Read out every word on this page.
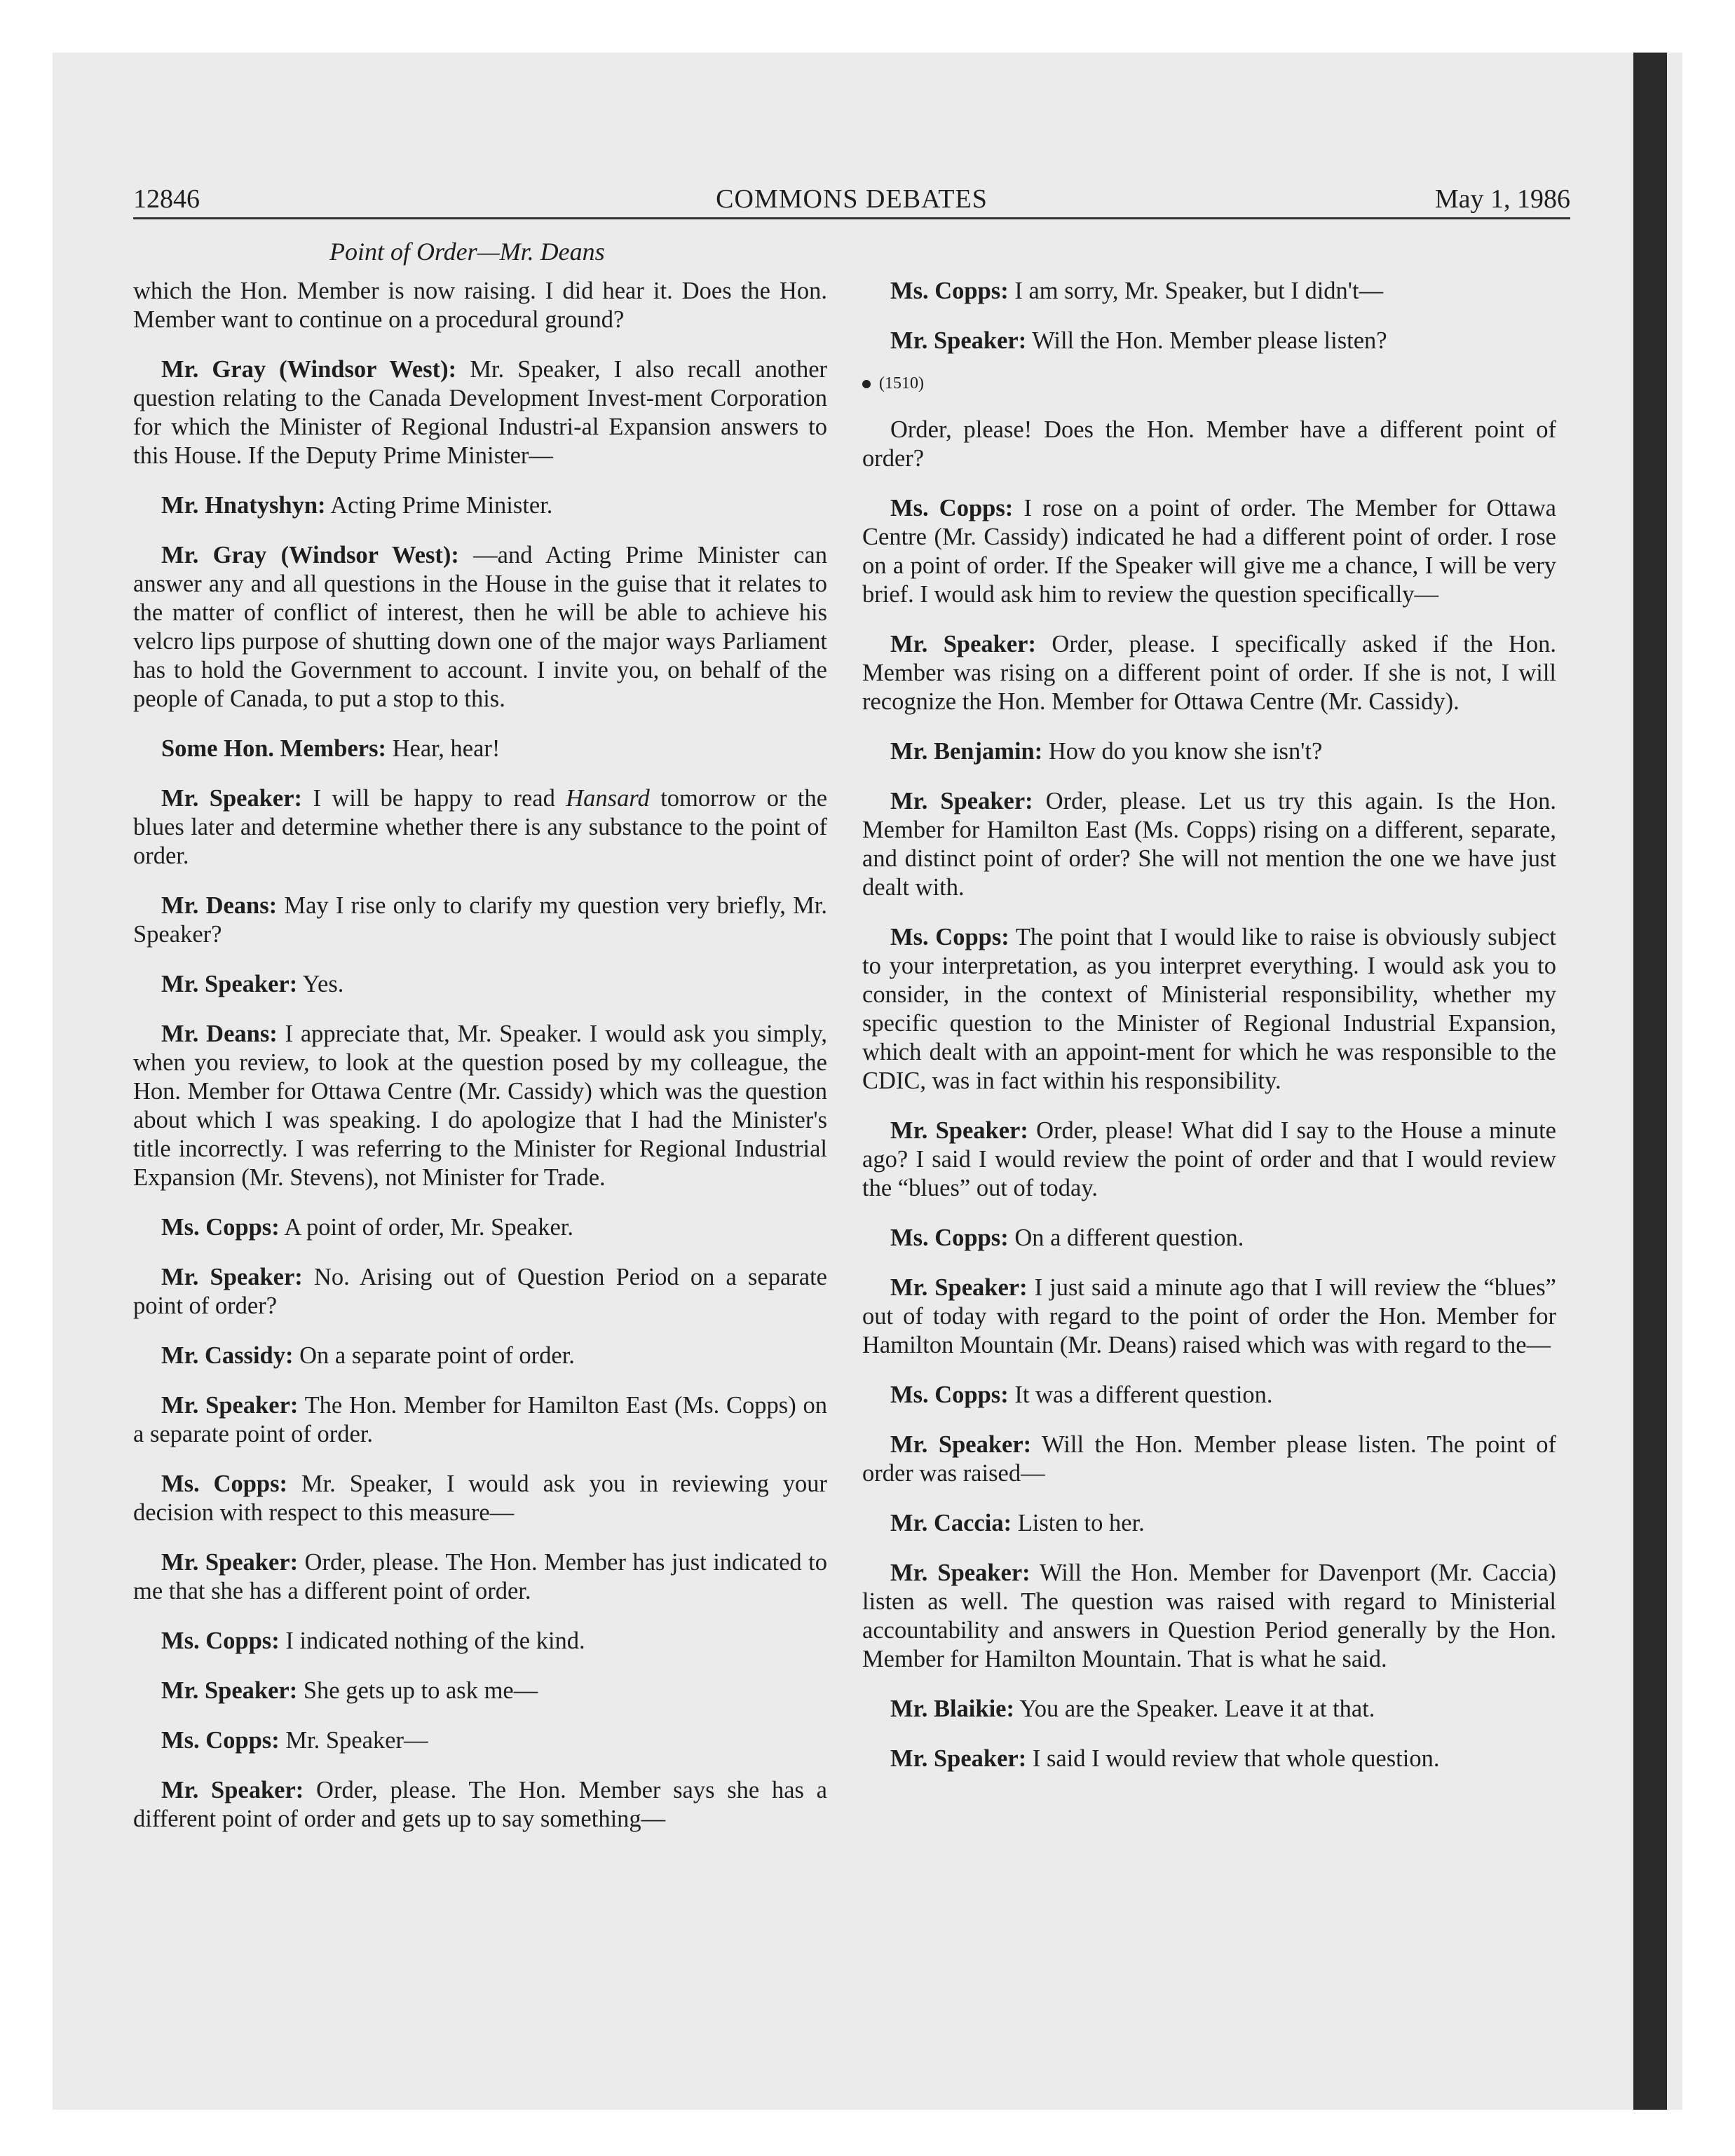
12846	COMMONS DEBATES	May 1, 1986
Point of Order—Mr. Deans

which the Hon. Member is now raising. I did hear it. Does the Hon. Member want to continue on a procedural ground?

Mr. Gray (Windsor West): Mr. Speaker, I also recall another question relating to the Canada Development Invest-ment Corporation for which the Minister of Regional Industri-al Expansion answers to this House. If the Deputy Prime Minister—

Mr. Hnatyshyn: Acting Prime Minister.

Mr. Gray (Windsor West): —and Acting Prime Minister can answer any and all questions in the House in the guise that it relates to the matter of conflict of interest, then he will be able to achieve his velcro lips purpose of shutting down one of the major ways Parliament has to hold the Government to account. I invite you, on behalf of the people of Canada, to put a stop to this.

Some Hon. Members: Hear, hear!

Mr. Speaker: I will be happy to read Hansard tomorrow or the blues later and determine whether there is any substance to the point of order.

Mr. Deans: May I rise only to clarify my question very briefly, Mr. Speaker?

Mr. Speaker: Yes.

Mr. Deans: I appreciate that, Mr. Speaker. I would ask you simply, when you review, to look at the question posed by my colleague, the Hon. Member for Ottawa Centre (Mr. Cassidy) which was the question about which I was speaking. I do apologize that I had the Minister's title incorrectly. I was referring to the Minister for Regional Industrial Expansion (Mr. Stevens), not Minister for Trade.

Ms. Copps: A point of order, Mr. Speaker.

Mr. Speaker: No. Arising out of Question Period on a separate point of order?

Mr. Cassidy: On a separate point of order.

Mr. Speaker: The Hon. Member for Hamilton East (Ms. Copps) on a separate point of order.

Ms. Copps: Mr. Speaker, I would ask you in reviewing your decision with respect to this measure—

Mr. Speaker: Order, please. The Hon. Member has just indicated to me that she has a different point of order.

Ms. Copps: I indicated nothing of the kind.

Mr. Speaker: She gets up to ask me—

Ms. Copps: Mr. Speaker—

Mr. Speaker: Order, please. The Hon. Member says she has a different point of order and gets up to say something—

Ms. Copps: I am sorry, Mr. Speaker, but I didn't—

Mr. Speaker: Will the Hon. Member please listen?

(1510)

Order, please! Does the Hon. Member have a different point of order?

Ms. Copps: I rose on a point of order. The Member for Ottawa Centre (Mr. Cassidy) indicated he had a different point of order. I rose on a point of order. If the Speaker will give me a chance, I will be very brief. I would ask him to review the question specifically—

Mr. Speaker: Order, please. I specifically asked if the Hon. Member was rising on a different point of order. If she is not, I will recognize the Hon. Member for Ottawa Centre (Mr. Cassidy).

Mr. Benjamin: How do you know she isn't?

Mr. Speaker: Order, please. Let us try this again. Is the Hon. Member for Hamilton East (Ms. Copps) rising on a different, separate, and distinct point of order? She will not mention the one we have just dealt with.

Ms. Copps: The point that I would like to raise is obviously subject to your interpretation, as you interpret everything. I would ask you to consider, in the context of Ministerial responsibility, whether my specific question to the Minister of Regional Industrial Expansion, which dealt with an appoint-ment for which he was responsible to the CDIC, was in fact within his responsibility.

Mr. Speaker: Order, please! What did I say to the House a minute ago? I said I would review the point of order and that I would review the “blues” out of today.

Ms. Copps: On a different question.

Mr. Speaker: I just said a minute ago that I will review the “blues” out of today with regard to the point of order the Hon. Member for Hamilton Mountain (Mr. Deans) raised which was with regard to the—

Ms. Copps: It was a different question.

Mr. Speaker: Will the Hon. Member please listen. The point of order was raised—

Mr. Caccia: Listen to her.

Mr. Speaker: Will the Hon. Member for Davenport (Mr. Caccia) listen as well. The question was raised with regard to Ministerial accountability and answers in Question Period generally by the Hon. Member for Hamilton Mountain. That is what he said.

Mr. Blaikie: You are the Speaker. Leave it at that.

Mr. Speaker: I said I would review that whole question.
